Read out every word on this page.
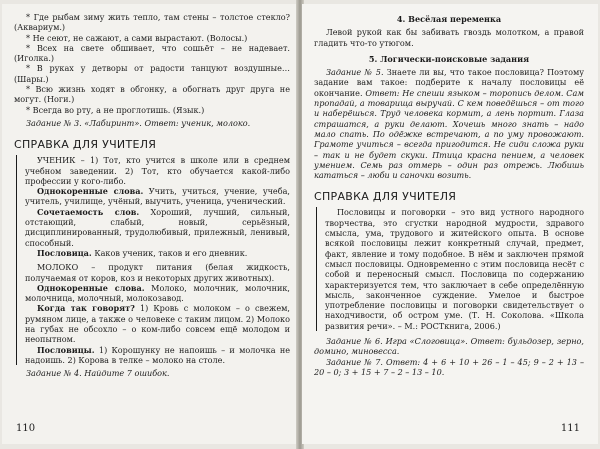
* Где рыбам зиму жить тепло, там стены – толстое стекло? (Аквариум.)

* Не сеют, не сажают, а сами вырастают. (Волосы.)

* Всех на свете обшивает, что сошьёт – не надевает. (Иголка.)

* В руках у детворы от радости танцуют воздушные… (Шары.)

* Всю жизнь ходят в обгонку, а обогнать друг друга не могут. (Ноги.)

* Всегда во рту, а не проглотишь. (Язык.)

Задание № 3. «Лабиринт». Ответ: ученик, молоко.

СПРАВКА ДЛЯ УЧИТЕЛЯ

УЧЕНИК – 1) Тот, кто учится в школе или в среднем учебном заведении. 2) Тот, кто обучается какой-либо профессии у кого-либо.

Однокоренные слова. Учить, учиться, учение, учеба, учитель, училище, учёный, выучить, ученица, ученический.

Сочетаемость слов. Хороший, лучший, сильный, отстающий, слабый, новый, серьёзный, дисциплинированный, трудолюбивый, прилежный, ленивый, способный.

Пословица. Каков ученик, таков и его дневник.

МОЛОКО – продукт питания (белая жидкость, получаемая от коров, коз и некоторых других животных).

Однокоренные слова. Молоко, молочник, молочник, молочница, молочный, молокозавод.

Когда так говорят? 1) Кровь с молоком – о свежем, румяном лице, а также о человеке с таким лицом. 2) Молоко на губах не обсохло – о ком-либо совсем ещё молодом и неопытном.

Пословицы. 1) Корошунку не напоишь – и молочка не надоишь. 2) Корова в телке – молоко на столе.

Задание № 4. Найдите 7 ошибок.

110

4. Весёлая переменка

Левой рукой как бы забивать гвоздь молотком, а правой гладить что-то утюгом.

5. Логически-поисковые задания

Задание № 5. Знаете ли вы, что такое пословица? Поэтому задание вам такое: подберите к началу пословицы её окончание. Ответ: Не спеши языком – торопись делом. Сам пропадай, а товарища выручай. С кем поведёшься – от того и наберёшься. Труд человека кормит, а лень портит. Глаза страшатся, а руки делают. Хочешь много знать – надо мало спать. По одёжке встречают, а по уму провожают. Грамоте учиться – всегда пригодится. Не сиди сложа руки – так и не будет скуки. Птица красна пением, а человек умением. Семь раз отмерь – один раз отрежь. Любишь кататься – люби и саночки возить.

СПРАВКА ДЛЯ УЧИТЕЛЯ

Пословицы и поговорки – это вид устного народного творчества, это сгустки народной мудрости, здравого смысла, ума, трудового и житейского опыта. В основе всякой пословицы лежит конкретный случай, предмет, факт, явление и тому подобное. В нём и заключен прямой смысл пословицы. Одновременно с этим пословица несёт с собой и переносный смысл. Пословица по содержанию характеризуется тем, что заключает в себе определённую мысль, законченное суждение. Умелое и быстрое употребление пословицы и поговорки свидетельствует о находчивости, об остром уме. (Т. Н. Соколова. «Школа развития речи». – М.: РОСТкнига, 2006.)

Задание № 6. Игра «Слоговица». Ответ: бульдозер, зерно, домино, миновесса.

Задание № 7. Ответ: 4 + 6 + 10 + 26 – 1 – 45; 9 – 2 + 13 – 20 – 0; 3 + 15 + 7 – 2 – 13 – 10.

111
